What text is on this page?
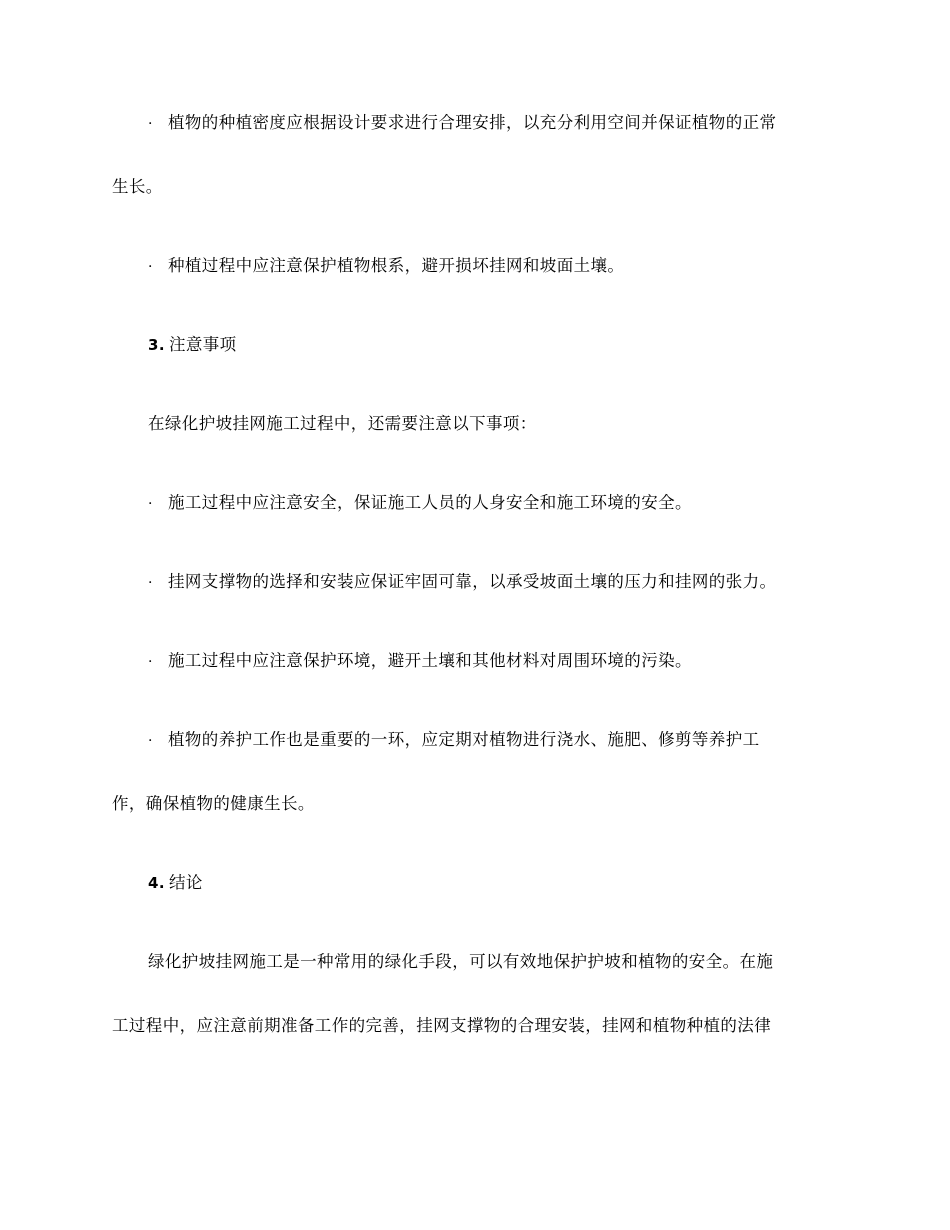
· 植物的种植密度应根据设计要求进行合理安排，以充分利用空间并保证植物的正常
生长。
· 种植过程中应注意保护植物根系，避开损坏挂网和坡面土壤。
3. 注意事项
在绿化护坡挂网施工过程中，还需要注意以下事项：
· 施工过程中应注意安全，保证施工人员的人身安全和施工环境的安全。
· 挂网支撑物的选择和安装应保证牢固可靠，以承受坡面土壤的压力和挂网的张力。
· 施工过程中应注意保护环境，避开土壤和其他材料对周围环境的污染。
· 植物的养护工作也是重要的一环，应定期对植物进行浇水、施肥、修剪等养护工
作，确保植物的健康生长。
4. 结论
绿化护坡挂网施工是一种常用的绿化手段，可以有效地保护护坡和植物的安全。在施
工过程中，应注意前期准备工作的完善，挂网支撑物的合理安装，挂网和植物种植的法律
